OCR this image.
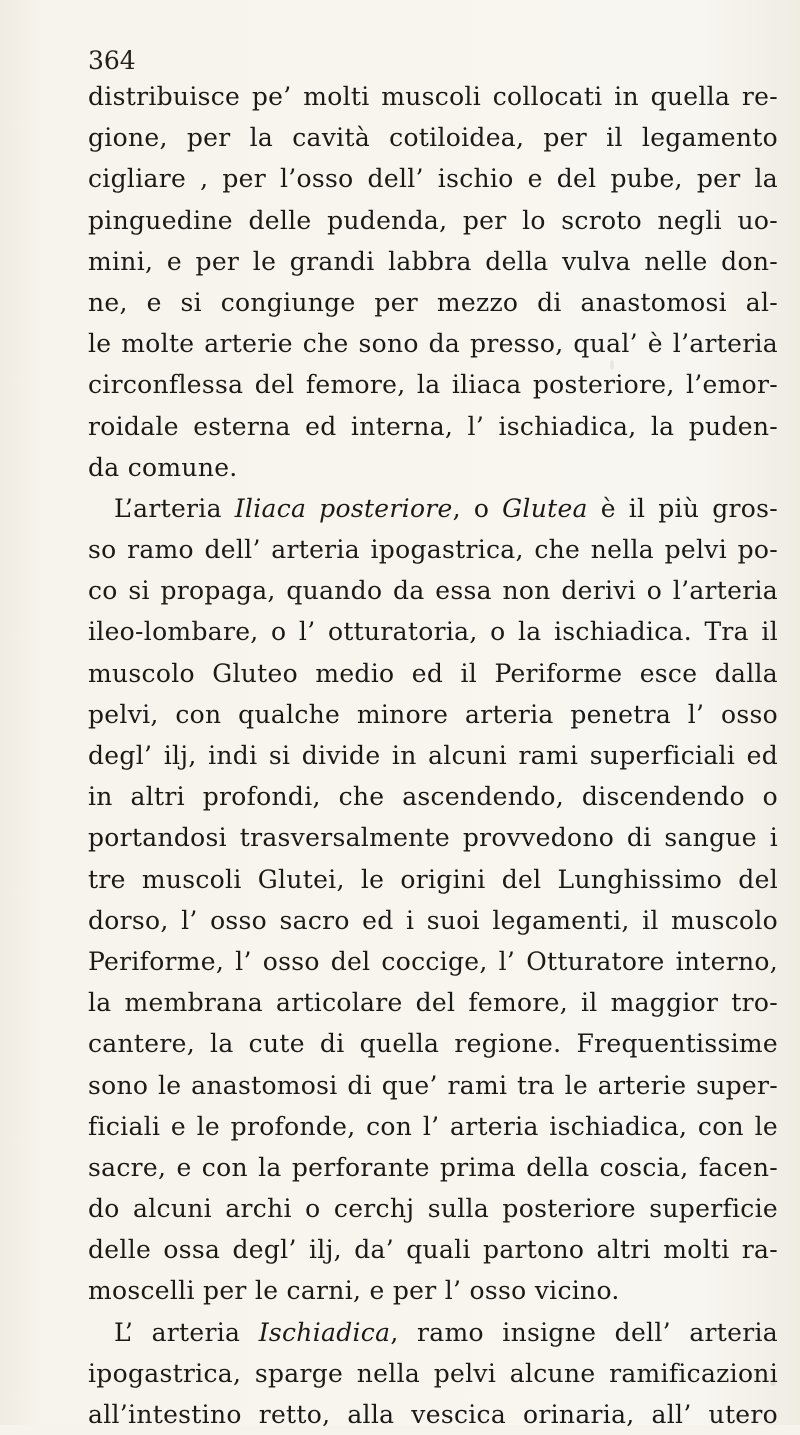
364
distribuisce pe’ molti muscoli collocati in quella re-
gione, per la cavità cotiloidea, per il legamento
cigliare , per l’osso dell’ ischio e del pube, per la
pinguedine delle pudenda, per lo scroto negli uo-
mini, e per le grandi labbra della vulva nelle don-
ne, e si congiunge per mezzo di anastomosi al-
le molte arterie che sono da presso, qual’ è l’arteria
circonflessa del femore, la iliaca posteriore, l’emor-
roidale esterna ed interna, l’ ischiadica, la puden-
da comune.
L’arteria Iliaca posteriore, o Glutea è il più gros-
so ramo dell’ arteria ipogastrica, che nella pelvi po-
co si propaga, quando da essa non derivi o l’arteria
ileo-lombare, o l’ otturatoria, o la ischiadica. Tra il
muscolo Gluteo medio ed il Periforme esce dalla
pelvi, con qualche minore arteria penetra l’ osso
degl’ ilj, indi si divide in alcuni rami superficiali ed
in altri profondi, che ascendendo, discendendo o
portandosi trasversalmente provvedono di sangue i
tre muscoli Glutei, le origini del Lunghissimo del
dorso, l’ osso sacro ed i suoi legamenti, il muscolo
Periforme, l’ osso del coccige, l’ Otturatore interno,
la membrana articolare del femore, il maggior tro-
cantere, la cute di quella regione. Frequentissime
sono le anastomosi di que’ rami tra le arterie super-
ficiali e le profonde, con l’ arteria ischiadica, con le
sacre, e con la perforante prima della coscia, facen-
do alcuni archi o cerchj sulla posteriore superficie
delle ossa degl’ ilj, da’ quali partono altri molti ra-
moscelli per le carni, e per l’ osso vicino.
L’ arteria Ischiadica, ramo insigne dell’ arteria
ipogastrica, sparge nella pelvi alcune ramificazioni
all’intestino retto, alla vescica orinaria, all’ utero
